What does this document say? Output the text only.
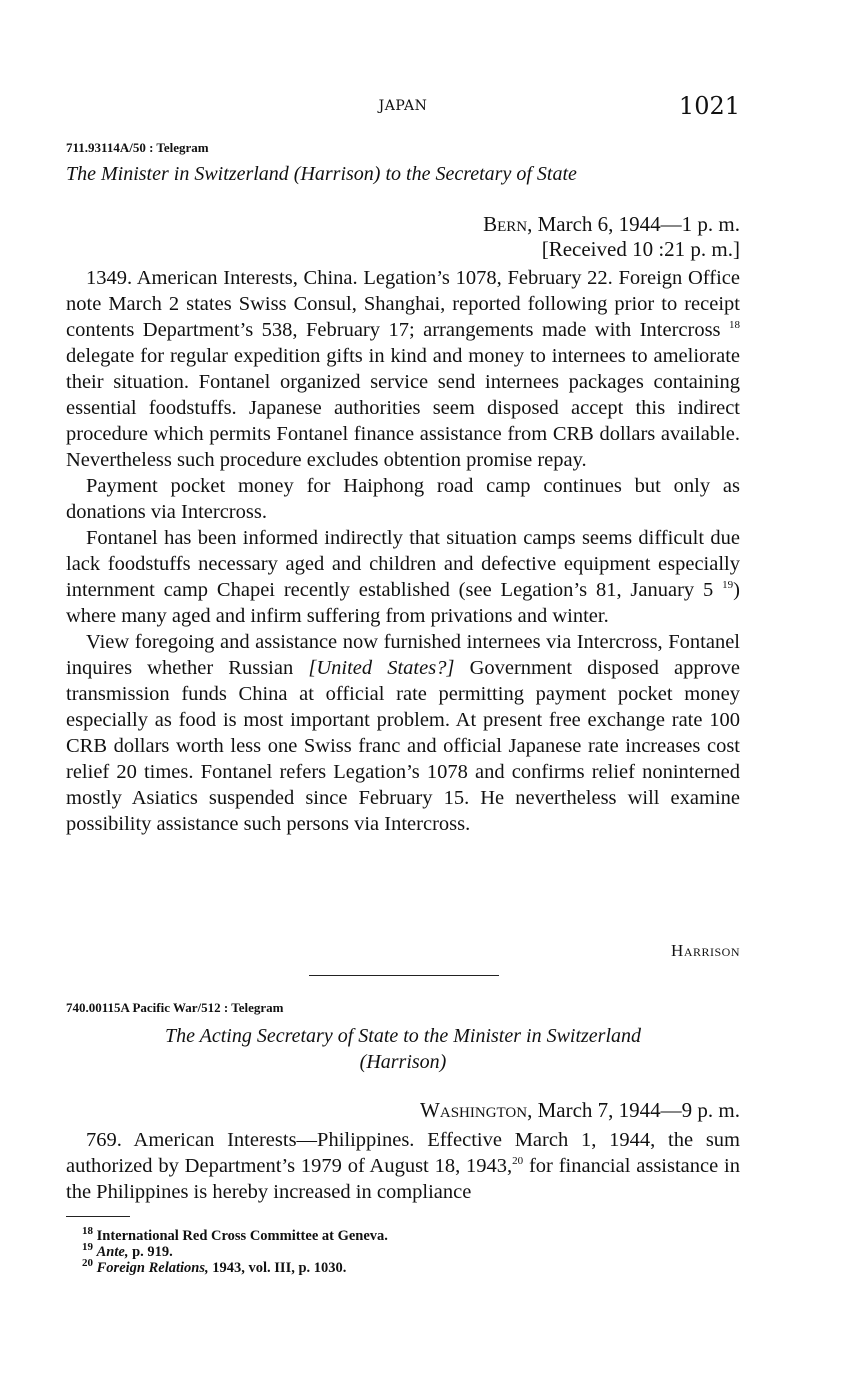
JAPAN	1021
711.93114A/50 : Telegram
The Minister in Switzerland (Harrison) to the Secretary of State
Bern, March 6, 1944—1 p. m.
[Received 10 :21 p. m.]

1349. American Interests, China. Legation’s 1078, February 22. Foreign Office note March 2 states Swiss Consul, Shanghai, reported following prior to receipt contents Department’s 538, February 17; arrangements made with Intercross $^{18}$ delegate for regular expedition gifts in kind and money to internees to ameliorate their situation. Fontanel organized service send internees packages containing essential foodstuffs. Japanese authorities seem disposed accept this indirect procedure which permits Fontanel finance assistance from CRB dollars available. Nevertheless such procedure excludes obtention promise repay.

Payment pocket money for Haiphong road camp continues but only as donations via Intercross.

Fontanel has been informed indirectly that situation camps seems difficult due lack foodstuffs necessary aged and children and defective equipment especially internment camp Chapei recently established (see Legation’s 81, January 5 $^{19}$) where many aged and infirm suffering from privations and winter.

View foregoing and assistance now furnished internees via Intercross, Fontanel inquires whether Russian [United States?] Government disposed approve transmission funds China at official rate permitting payment pocket money especially as food is most important problem. At present free exchange rate 100 CRB dollars worth less one Swiss franc and official Japanese rate increases cost relief 20 times. Fontanel refers Legation’s 1078 and confirms relief noninterned mostly Asiatics suspended since February 15. He nevertheless will examine possibility assistance such persons via Intercross.

Harrison
740.00115A Pacific War/512 : Telegram
The Acting Secretary of State to the Minister in Switzerland
(Harrison)
Washington, March 7, 1944—9 p. m.

769. American Interests—Philippines. Effective March 1, 1944, the sum authorized by Department’s 1979 of August 18, 1943,20 for financial assistance in the Philippines is hereby increased in compliance

$^{18}$ International Red Cross Committee at Geneva.
$^{19}$ Ante, p. 919.
$^{20}$ Foreign Relations, 1943, vol. III, p. 1030.
